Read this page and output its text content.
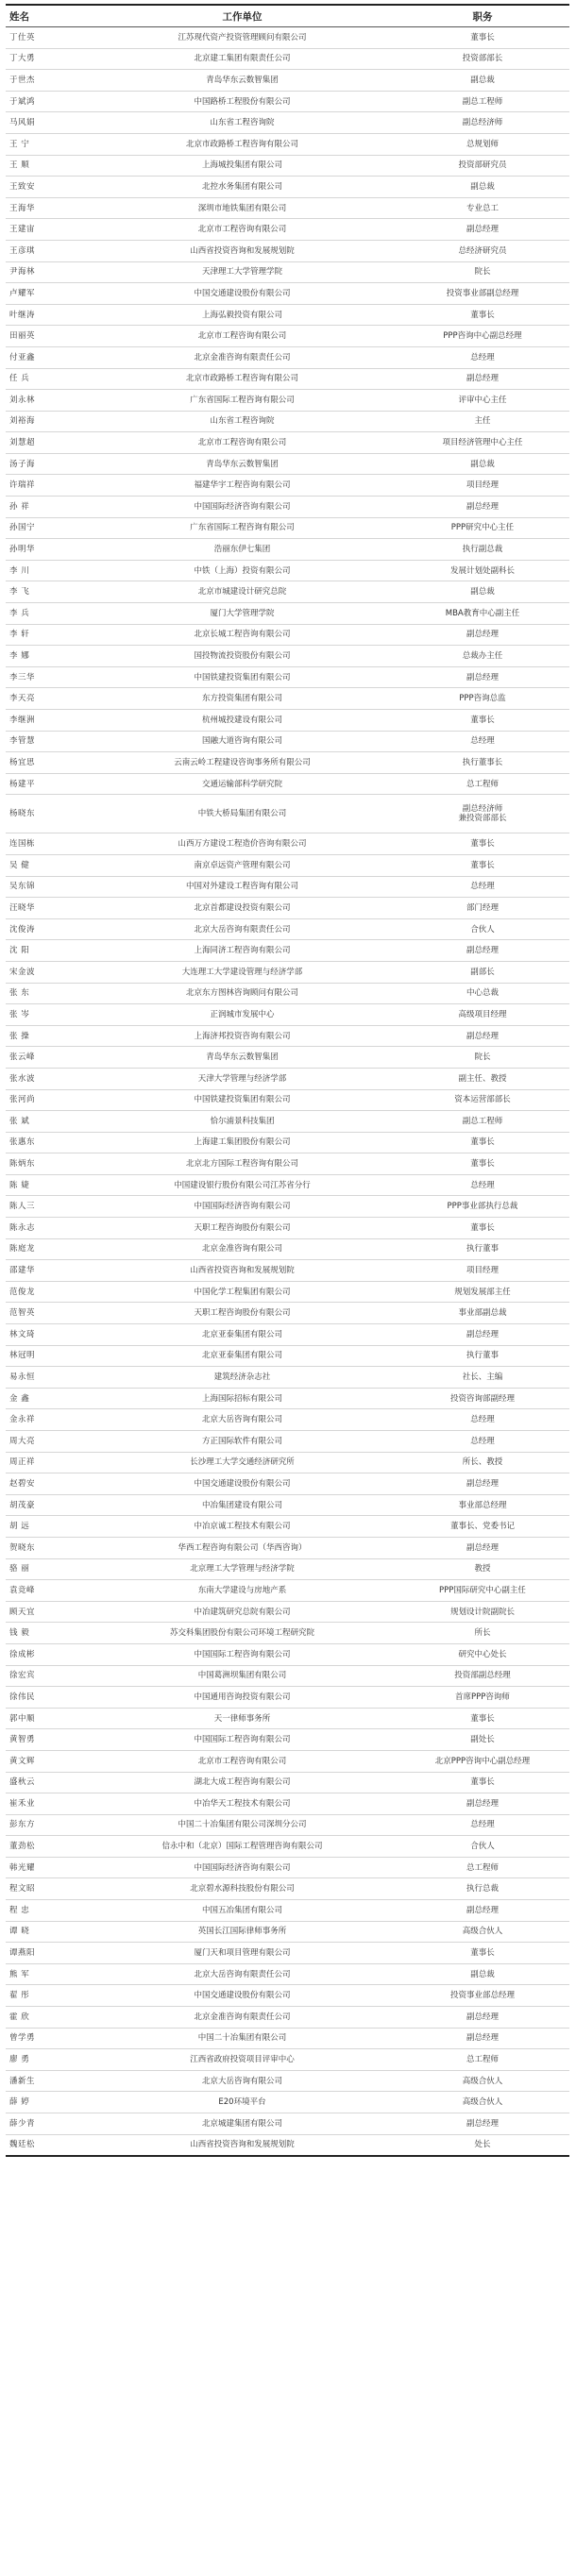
姓名	工作单位	职务
丁仕英	江苏现代资产投资管理顾问有限公司	董事长
丁大勇	北京建工集团有限责任公司	投资部部长
于世杰	青岛华东云数智集团	副总裁
于斌鸿	中国路桥工程股份有限公司	副总工程师
马风娟	山东省工程咨询院	副总经济师
王 宁	北京市政路桥工程咨询有限公司	总规划师
王 顺	上海城投集团有限公司	投资部研究员
王致安	北控水务集团有限公司	副总裁
王海华	深圳市地铁集团有限公司	专业总工
王建宙	北京市工程咨询有限公司	副总经理
王彦琪	山西省投资咨询和发展规划院	总经济研究员
尹海林	天津理工大学管理学院	院长
卢耀军	中国交通建设股份有限公司	投资事业部副总经理
叶继涛	上海弘毅投资有限公司	董事长
田丽英	北京市工程咨询有限公司	PPP咨询中心副总经理
付亚鑫	北京金准咨询有限责任公司	总经理
任 兵	北京市政路桥工程咨询有限公司	副总经理
刘永林	广东省国际工程咨询有限公司	评审中心主任
刘裕海	山东省工程咨询院	主任
刘慧超	北京市工程咨询有限公司	项目经济管理中心主任
汤子海	青岛华东云数智集团	副总裁
许瑞祥	福建华宇工程咨询有限公司	项目经理
孙 祥	中国国际经济咨询有限公司	副总经理
孙国宁	广东省国际工程咨询有限公司	PPP研究中心主任
孙明华	浩丽东伊七集团	执行副总裁
李 川	中铁（上海）投资有限公司	发展计划处副科长
李 飞	北京市城建设计研究总院	副总裁
李 兵	厦门大学管理学院	MBA教育中心副主任
李 轩	北京长城工程咨询有限公司	副总经理
李 娜	国投物流投资股份有限公司	总裁办主任
李三华	中国铁建投资集团有限公司	副总经理
李天亮	东方投资集团有限公司	PPP咨询总监
李继洲	杭州城投建设有限公司	董事长
李管慧	国融大道咨询有限公司	总经理
杨宜思	云南云岭工程建设咨询事务所有限公司	执行董事长
杨建平	交通运输部科学研究院	总工程师
杨晓东	中铁大桥局集团有限公司	副总经济师
兼投资部部长
连国栋	山西万方建设工程造价咨询有限公司	董事长
吴 健	南京卓远资产管理有限公司	董事长
吴东锦	中国对外建设工程咨询有限公司	总经理
汪晓华	北京首都建设投资有限公司	部门经理
沈俊涛	北京大岳咨询有限责任公司	合伙人
沈 阳	上海同济工程咨询有限公司	副总经理
宋金波	大连理工大学建设管理与经济学部	副部长
张 东	北京东方图林咨询顾问有限公司	中心总裁
张 岑	正润城市发展中心	高级项目经理
张 操	上海济邦投资咨询有限公司	副总经理
张云峰	青岛华东云数智集团	院长
张水波	天津大学管理与经济学部	副主任、教授
张河尚	中国铁建投资集团有限公司	资本运营部部长
张 斌	恰尔浦景科技集团	副总工程师
张惠东	上海建工集团股份有限公司	董事长
陈炳东	北京北方国际工程咨询有限公司	董事长
陈 婕	中国建设银行股份有限公司江苏省分行	总经理
陈人三	中国国际经济咨询有限公司	PPP事业部执行总裁
陈永志	天职工程咨询股份有限公司	董事长
陈庭龙	北京金准咨询有限公司	执行董事
邵建华	山西省投资咨询和发展规划院	项目经理
范俊龙	中国化学工程集团有限公司	规划发展部主任
范智英	天职工程咨询股份有限公司	事业部副总裁
林文琦	北京亚泰集团有限公司	副总经理
林冠明	北京亚泰集团有限公司	执行董事
易永恒	建筑经济杂志社	社长、主编
金 鑫	上海国际招标有限公司	投资咨询部副经理
金永祥	北京大岳咨询有限公司	总经理
周大亮	方正国际软件有限公司	总经理
周正祥	长沙理工大学交通经济研究所	所长、教授
赵碧安	中国交通建设股份有限公司	副总经理
胡茂豪	中冶集团建设有限公司	事业部总经理
胡 远	中冶京诚工程技术有限公司	董事长、党委书记
贺晓东	华西工程咨询有限公司（华西咨询）	副总经理
骆 丽	北京理工大学管理与经济学院	教授
袁竞峰	东南大学建设与房地产系	PPP国际研究中心副主任
顾天宜	中冶建筑研究总院有限公司	规划设计院副院长
钱 毅	苏交科集团股份有限公司环境工程研究院	所长
徐成彬	中国国际工程咨询有限公司	研究中心处长
徐宏宾	中国葛洲坝集团有限公司	投资部副总经理
徐伟民	中国通用咨询投资有限公司	首席PPP咨询师
郭中顺	天一律师事务所	董事长
黄智勇	中国国际工程咨询有限公司	副处长
黄文辉	北京市工程咨询有限公司	北京PPP咨询中心副总经理
盛秋云	湖北大成工程咨询有限公司	董事长
崔禾业	中冶华天工程技术有限公司	副总经理
彭东方	中国二十冶集团有限公司深圳分公司	总经理
董劲松	信永中和（北京）国际工程管理咨询有限公司	合伙人
韩光耀	中国国际经济咨询有限公司	总工程师
程文昭	北京碧水源科技股份有限公司	执行总裁
程 忠	中国五冶集团有限公司	副总经理
谭 晓	英国长江国际律师事务所	高级合伙人
谭燕阳	厦门天和项目管理有限公司	董事长
熊 军	北京大岳咨询有限责任公司	副总裁
翟 彤	中国交通建设股份有限公司	投资事业部总经理
霍 欣	北京金准咨询有限责任公司	副总经理
曾学勇	中国二十冶集团有限公司	副总经理
廖 勇	江西省政府投资项目评审中心	总工程师
潘新生	北京大岳咨询有限公司	高级合伙人
薛 婷	E20环境平台	高级合伙人
薛少青	北京城建集团有限公司	副总经理
魏廷松	山西省投资咨询和发展规划院	处长
